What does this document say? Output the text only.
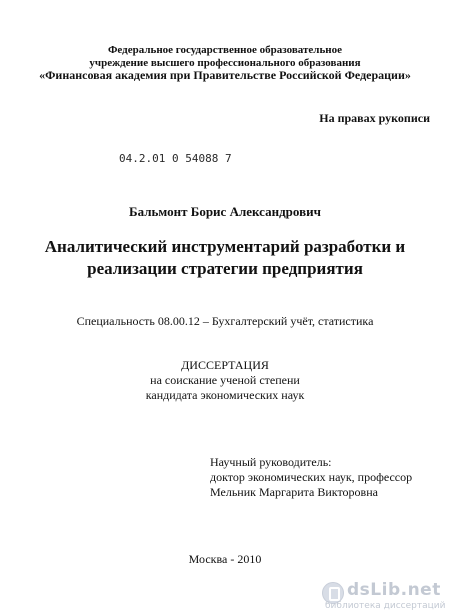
Федеральное государственное образовательное
учреждение высшего профессионального образования
«Финансовая академия при Правительстве Российской Федерации»
На правах рукописи
04.2.01 0 54088 7
Бальмонт Борис Александрович
Аналитический инструментарий разработки и
реализации стратегии предприятия
Специальность 08.00.12 – Бухгалтерский учёт, статистика
ДИССЕРТАЦИЯ
на соискание ученой степени
кандидата экономических наук
Научный руководитель:
доктор экономических наук, профессор
Мельник Маргарита Викторовна
Москва - 2010
dsLib.net
библиотека диссертаций
